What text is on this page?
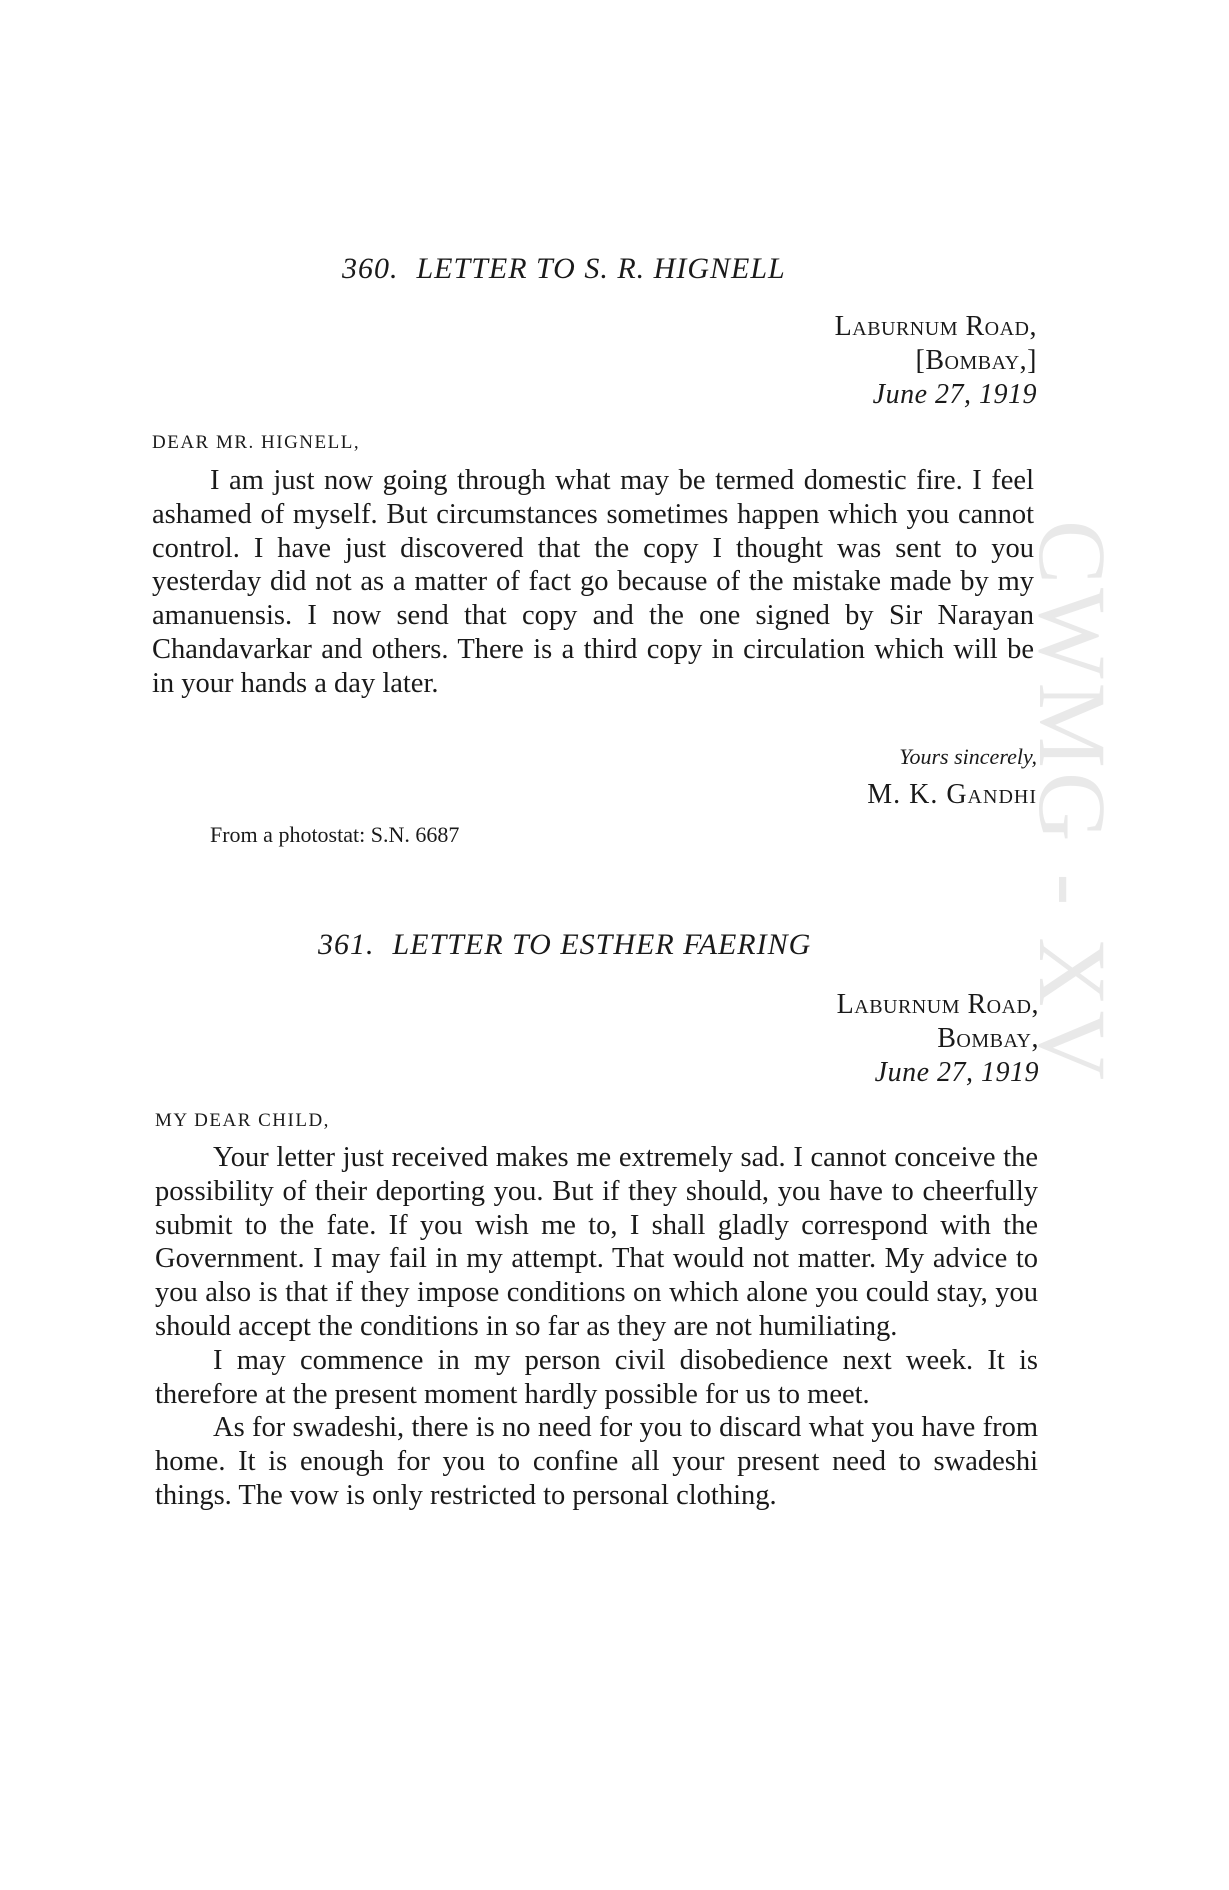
CWMG - XV
360. LETTER TO S. R. HIGNELL
Laburnum Road,
[Bombay,]
June 27, 1919
DEAR MR. HIGNELL,

I am just now going through what may be termed domestic fire. I feel ashamed of myself. But circumstances sometimes happen which you cannot control. I have just discovered that the copy I thought was sent to you yesterday did not as a matter of fact go because of the mistake made by my amanuensis. I now send that copy and the one signed by Sir Narayan Chandavarkar and others. There is a third copy in circulation which will be in your hands a day later.

Yours sincerely,
M. K. Gandhi
From a photostat: S.N. 6687
361. LETTER TO ESTHER FAERING
Laburnum Road,
Bombay,
June 27, 1919
MY DEAR CHILD,

Your letter just received makes me extremely sad. I cannot conceive the possibility of their deporting you. But if they should, you have to cheerfully submit to the fate. If you wish me to, I shall gladly correspond with the Government. I may fail in my attempt. That would not matter. My advice to you also is that if they impose conditions on which alone you could stay, you should accept the conditions in so far as they are not humiliating.

I may commence in my person civil disobedience next week. It is therefore at the present moment hardly possible for us to meet.

As for swadeshi, there is no need for you to discard what you have from home. It is enough for you to confine all your present need to swadeshi things. The vow is only restricted to personal clothing.
